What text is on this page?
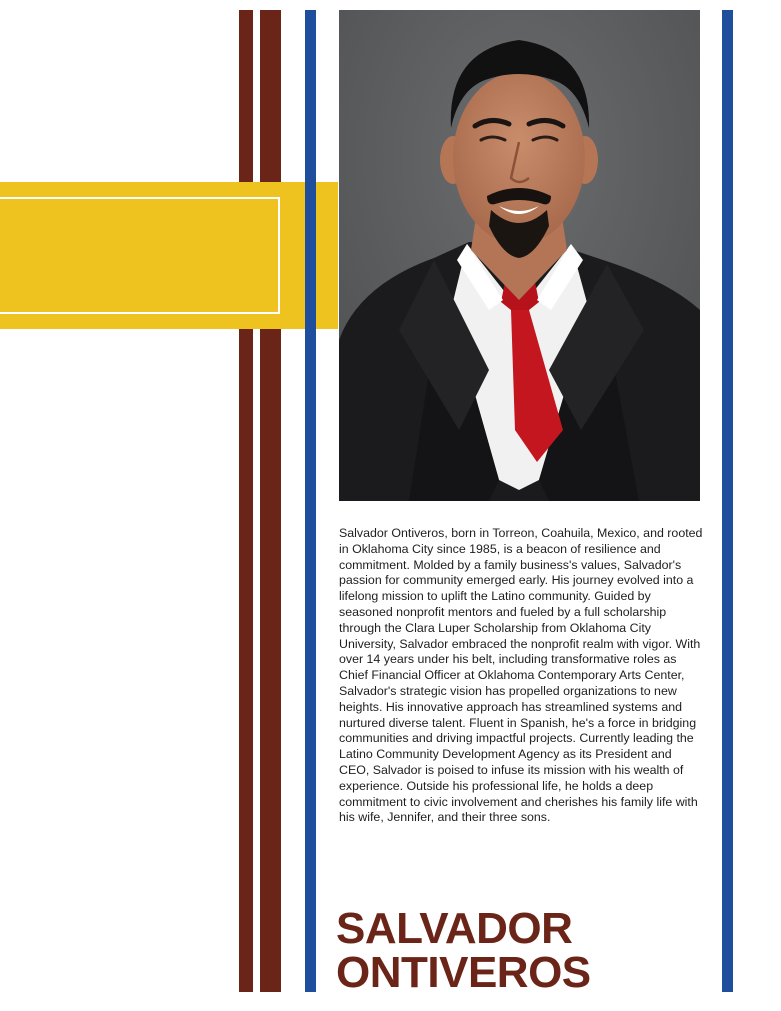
Salvador Ontiveros, born in Torreon, Coahuila, Mexico, and rooted in Oklahoma City since 1985, is a beacon of resilience and commitment. Molded by a family business's values, Salvador's passion for community emerged early. His journey evolved into a lifelong mission to uplift the Latino community. Guided by seasoned nonprofit mentors and fueled by a full scholarship through the Clara Luper Scholarship from Oklahoma City University, Salvador embraced the nonprofit realm with vigor. With over 14 years under his belt, including transformative roles as Chief Financial Officer at Oklahoma Contemporary Arts Center, Salvador's strategic vision has propelled organizations to new heights. His innovative approach has streamlined systems and nurtured diverse talent. Fluent in Spanish, he's a force in bridging communities and driving impactful projects. Currently leading the Latino Community Development Agency as its President and CEO, Salvador is poised to infuse its mission with his wealth of experience. Outside his professional life, he holds a deep commitment to civic involvement and cherishes his family life with his wife, Jennifer, and their three sons.

SALVADOR
ONTIVEROS
